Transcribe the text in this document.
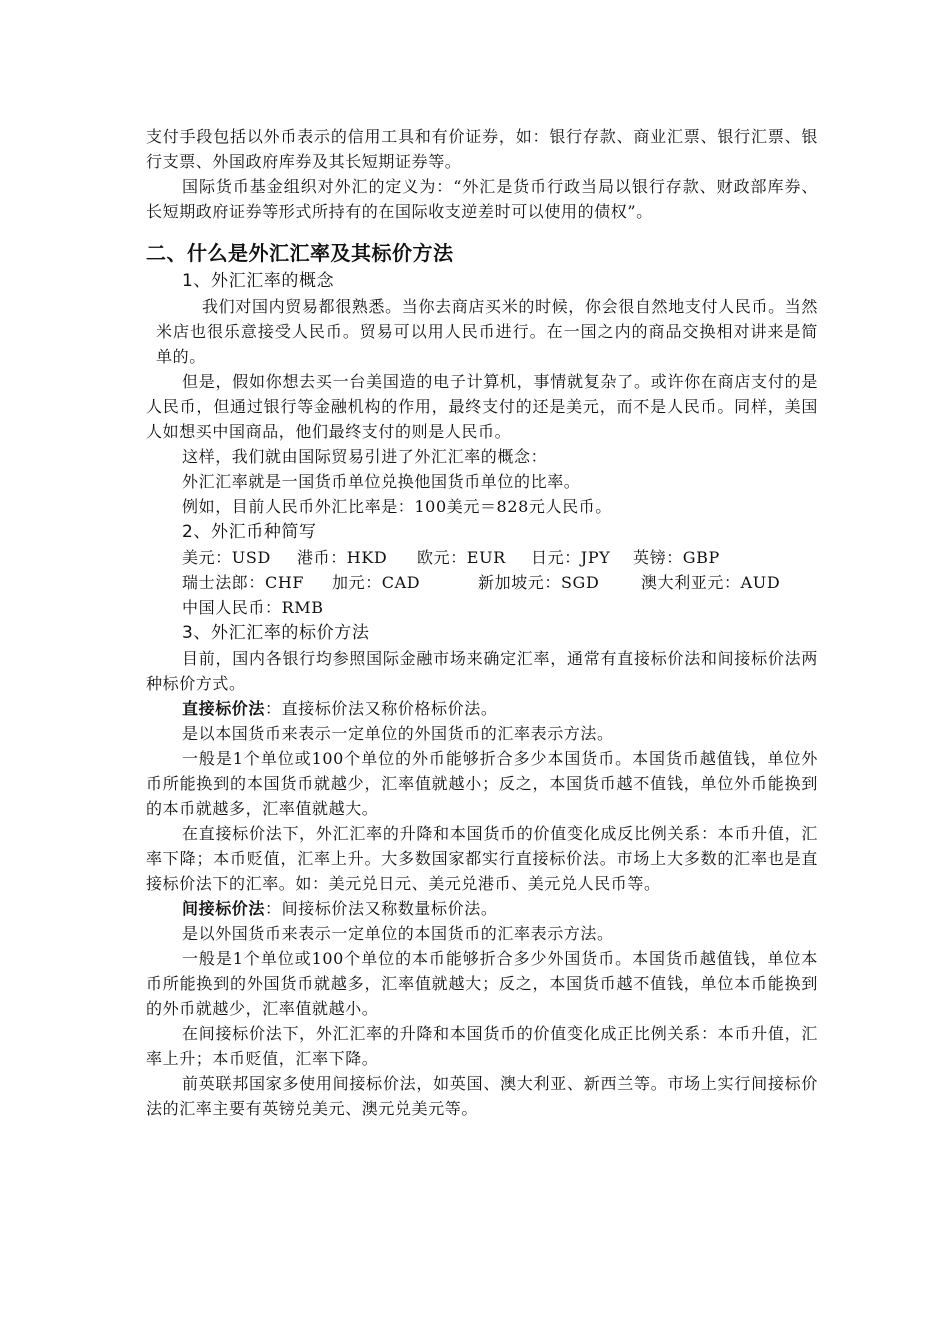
支付手段包括以外币表示的信用工具和有价证券，如：银行存款、商业汇票、银行汇票、银行支票、外国政府库券及其长短期证券等。

国际货币基金组织对外汇的定义为：“外汇是货币行政当局以银行存款、财政部库券、长短期政府证券等形式所持有的在国际收支逆差时可以使用的债权”。

二、什么是外汇汇率及其标价方法
1、外汇汇率的概念

我们对国内贸易都很熟悉。当你去商店买米的时候，你会很自然地支付人民币。当然米店也很乐意接受人民币。贸易可以用人民币进行。在一国之内的商品交换相对讲来是简单的。

但是，假如你想去买一台美国造的电子计算机，事情就复杂了。或许你在商店支付的是人民币，但通过银行等金融机构的作用，最终支付的还是美元，而不是人民币。同样，美国人如想买中国商品，他们最终支付的则是人民币。

这样，我们就由国际贸易引进了外汇汇率的概念：

外汇汇率就是一国货币单位兑换他国货币单位的比率。

例如，目前人民币外汇比率是：100美元＝828元人民币。

2、外汇币种简写
美元：USD 港币：HKD 欧元：EUR 日元：JPY 英镑：GBP
瑞士法郎：CHF 加元：CAD	新加坡元：SGD	澳大利亚元：AUD
中国人民币：RMB
3、外汇汇率的标价方法

目前，国内各银行均参照国际金融市场来确定汇率，通常有直接标价法和间接标价法两种标价方式。

直接标价法：直接标价法又称价格标价法。

是以本国货币来表示一定单位的外国货币的汇率表示方法。

一般是1个单位或100个单位的外币能够折合多少本国货币。本国货币越值钱，单位外币所能换到的本国货币就越少，汇率值就越小；反之，本国货币越不值钱，单位外币能换到的本币就越多，汇率值就越大。

在直接标价法下，外汇汇率的升降和本国货币的价值变化成反比例关系：本币升值，汇率下降；本币贬值，汇率上升。大多数国家都实行直接标价法。市场上大多数的汇率也是直接标价法下的汇率。如：美元兑日元、美元兑港币、美元兑人民币等。

间接标价法：间接标价法又称数量标价法。

是以外国货币来表示一定单位的本国货币的汇率表示方法。

一般是1个单位或100个单位的本币能够折合多少外国货币。本国货币越值钱，单位本币所能换到的外国货币就越多，汇率值就越大；反之，本国货币越不值钱，单位本币能换到的外币就越少，汇率值就越小。

在间接标价法下，外汇汇率的升降和本国货币的价值变化成正比例关系：本币升值，汇率上升；本币贬值，汇率下降。

前英联邦国家多使用间接标价法，如英国、澳大利亚、新西兰等。市场上实行间接标价法的汇率主要有英镑兑美元、澳元兑美元等。
